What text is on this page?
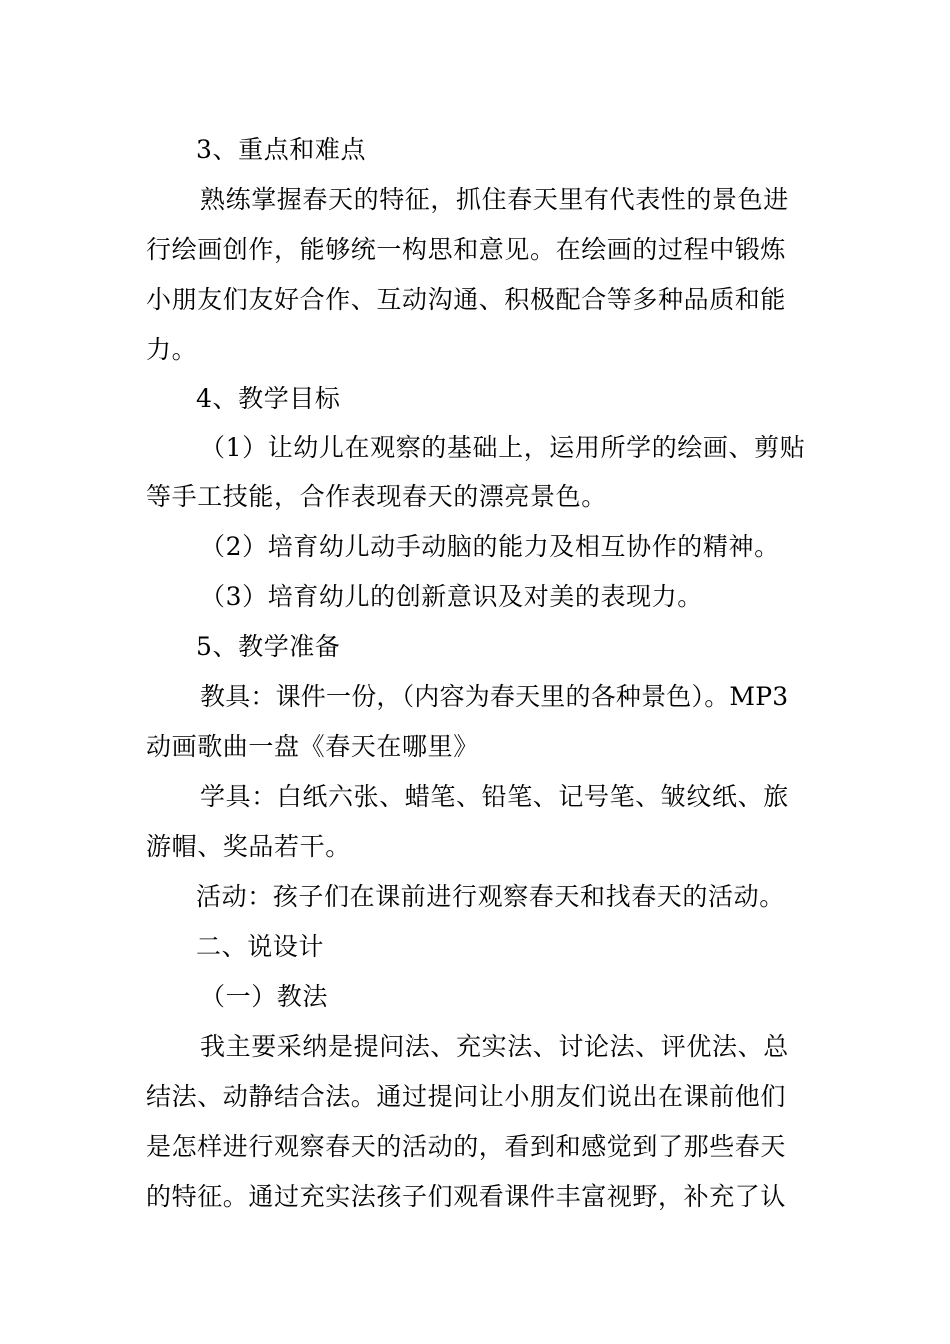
3、重点和难点
熟练掌握春天的特征，抓住春天里有代表性的景色进
行绘画创作，能够统一构思和意见。在绘画的过程中锻炼
小朋友们友好合作、互动沟通、积极配合等多种品质和能
力。
4、教学目标
（1）让幼儿在观察的基础上，运用所学的绘画、剪贴
等手工技能，合作表现春天的漂亮景色。
（2）培育幼儿动手动脑的能力及相互协作的精神。
（3）培育幼儿的创新意识及对美的表现力。
5、教学准备
教具：课件一份，（内容为春天里的各种景色）。MP3
动画歌曲一盘《春天在哪里》
学具：白纸六张、蜡笔、铅笔、记号笔、皱纹纸、旅
游帽、奖品若干。
活动：孩子们在课前进行观察春天和找春天的活动。
二、说设计
（一）教法
我主要采纳是提问法、充实法、讨论法、评优法、总
结法、动静结合法。通过提问让小朋友们说出在课前他们
是怎样进行观察春天的活动的，看到和感觉到了那些春天
的特征。通过充实法孩子们观看课件丰富视野，补充了认
